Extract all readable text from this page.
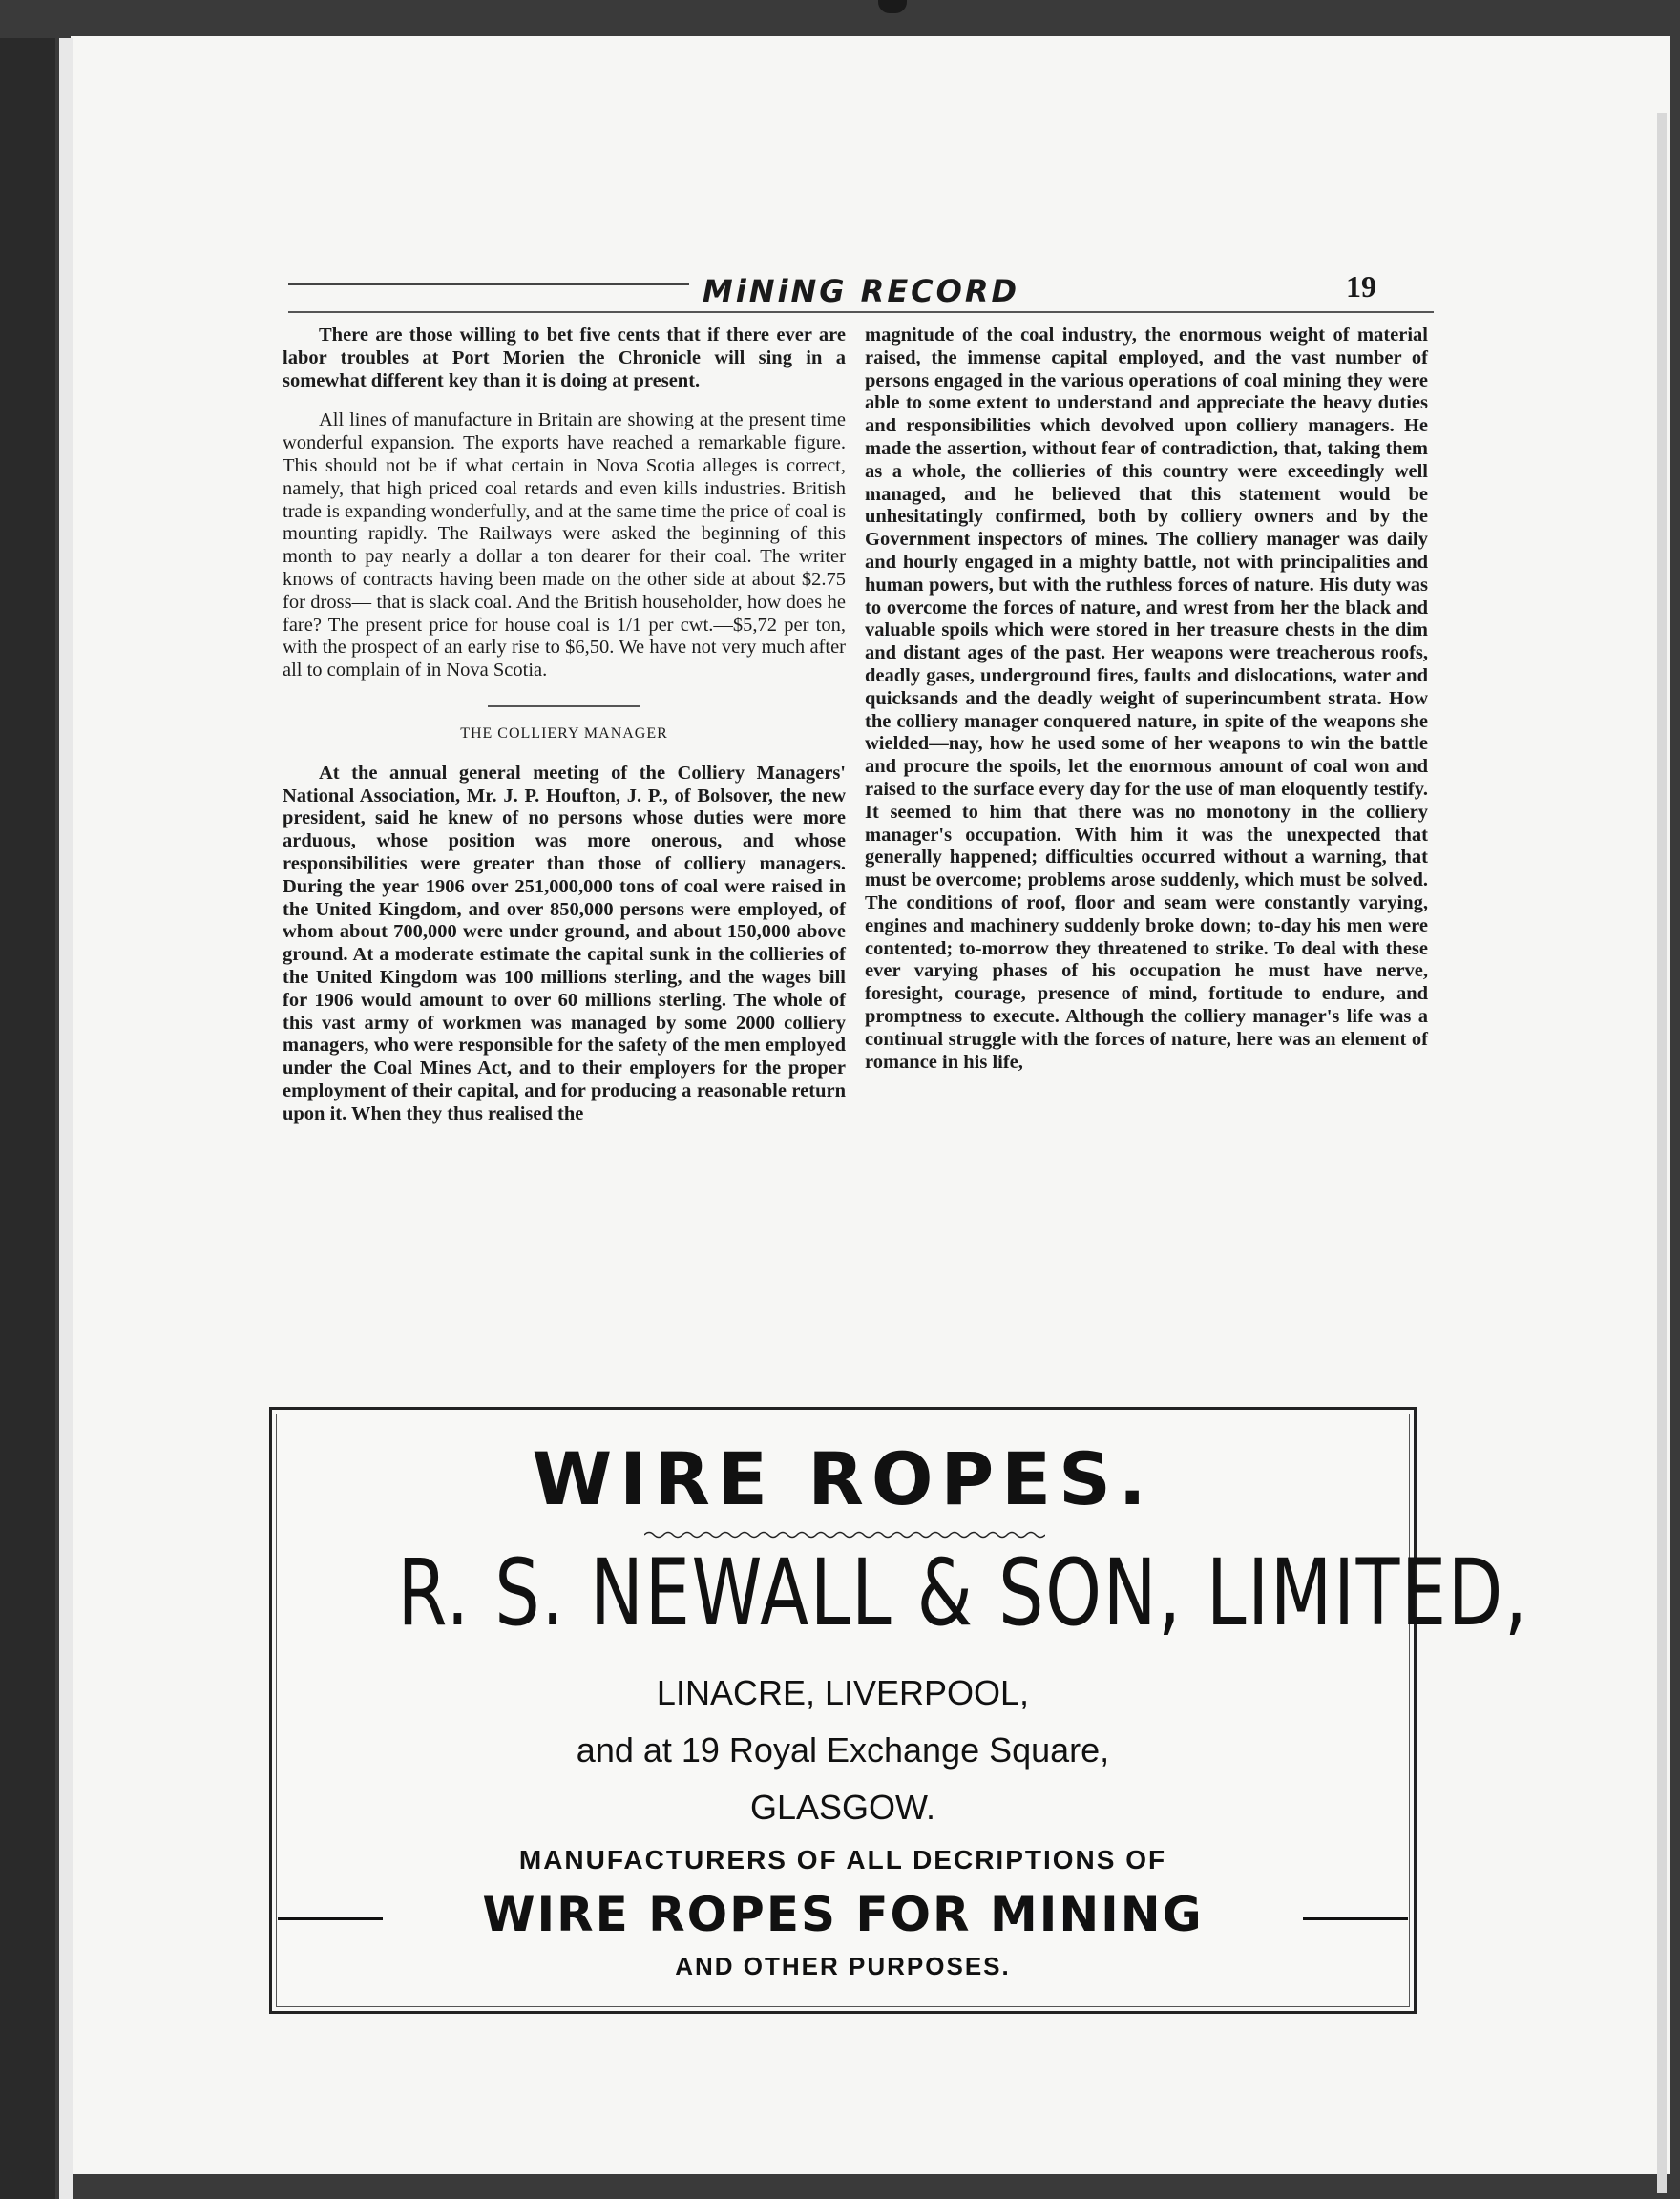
MiNiNG RECORD	19

There are those willing to bet five cents that if there ever are labor troubles at Port Morien the Chronicle will sing in a somewhat different key than it is doing at present.

All lines of manufacture in Britain are showing at the present time wonderful expansion. The exports have reached a remarkable figure. This should not be if what certain in Nova Scotia alleges is correct, namely, that high priced coal retards and even kills industries. British trade is expanding wonderfully, and at the same time the price of coal is mounting rapidly. The Railways were asked the beginning of this month to pay nearly a dollar a ton dearer for their coal. The writer knows of contracts having been made on the other side at about $2.75 for dross— that is slack coal. And the British householder, how does he fare? The present price for house coal is 1/1 per cwt.—$5,72 per ton, with the prospect of an early rise to $6,50. We have not very much after all to complain of in Nova Scotia.

THE COLLIERY MANAGER

At the annual general meeting of the Colliery Managers' National Association, Mr. J. P. Houfton, J. P., of Bolsover, the new president, said he knew of no persons whose duties were more arduous, whose position was more onerous, and whose responsibilities were greater than those of colliery managers. During the year 1906 over 251,000,000 tons of coal were raised in the United Kingdom, and over 850,000 persons were employed, of whom about 700,000 were under ground, and about 150,000 above ground. At a moderate estimate the capital sunk in the collieries of the United Kingdom was 100 millions sterling, and the wages bill for 1906 would amount to over 60 millions sterling. The whole of this vast army of workmen was managed by some 2000 colliery managers, who were responsible for the safety of the men employed under the Coal Mines Act, and to their employers for the proper employment of their capital, and for producing a reasonable return upon it. When they thus realised the

magnitude of the coal industry, the enormous weight of material raised, the immense capital employed, and the vast number of persons engaged in the various operations of coal mining they were able to some extent to understand and appreciate the heavy duties and responsibilities which devolved upon colliery managers. He made the assertion, without fear of contradiction, that, taking them as a whole, the collieries of this country were exceedingly well managed, and he believed that this statement would be unhesitatingly confirmed, both by colliery owners and by the Government inspectors of mines. The colliery manager was daily and hourly engaged in a mighty battle, not with principalities and human powers, but with the ruthless forces of nature. His duty was to overcome the forces of nature, and wrest from her the black and valuable spoils which were stored in her treasure chests in the dim and distant ages of the past. Her weapons were treacherous roofs, deadly gases, underground fires, faults and dislocations, water and quicksands and the deadly weight of superincumbent strata. How the colliery manager conquered nature, in spite of the weapons she wielded—nay, how he used some of her weapons to win the battle and procure the spoils, let the enormous amount of coal won and raised to the surface every day for the use of man eloquently testify. It seemed to him that there was no monotony in the colliery manager's occupation. With him it was the unexpected that generally happened; difficulties occurred without a warning, that must be overcome; problems arose suddenly, which must be solved. The conditions of roof, floor and seam were constantly varying, engines and machinery suddenly broke down; to-day his men were contented; to-morrow they threatened to strike. To deal with these ever varying phases of his occupation he must have nerve, foresight, courage, presence of mind, fortitude to endure, and promptness to execute. Although the colliery manager's life was a continual struggle with the forces of nature, here was an element of romance in his life,

WIRE ROPES.
R. S. NEWALL & SON, LIMITED,
LINACRE, LIVERPOOL,
and at 19 Royal Exchange Square,
GLASGOW.
MANUFACTURERS OF ALL DECRIPTIONS OF
WIRE ROPES FOR MINING
AND OTHER PURPOSES.
